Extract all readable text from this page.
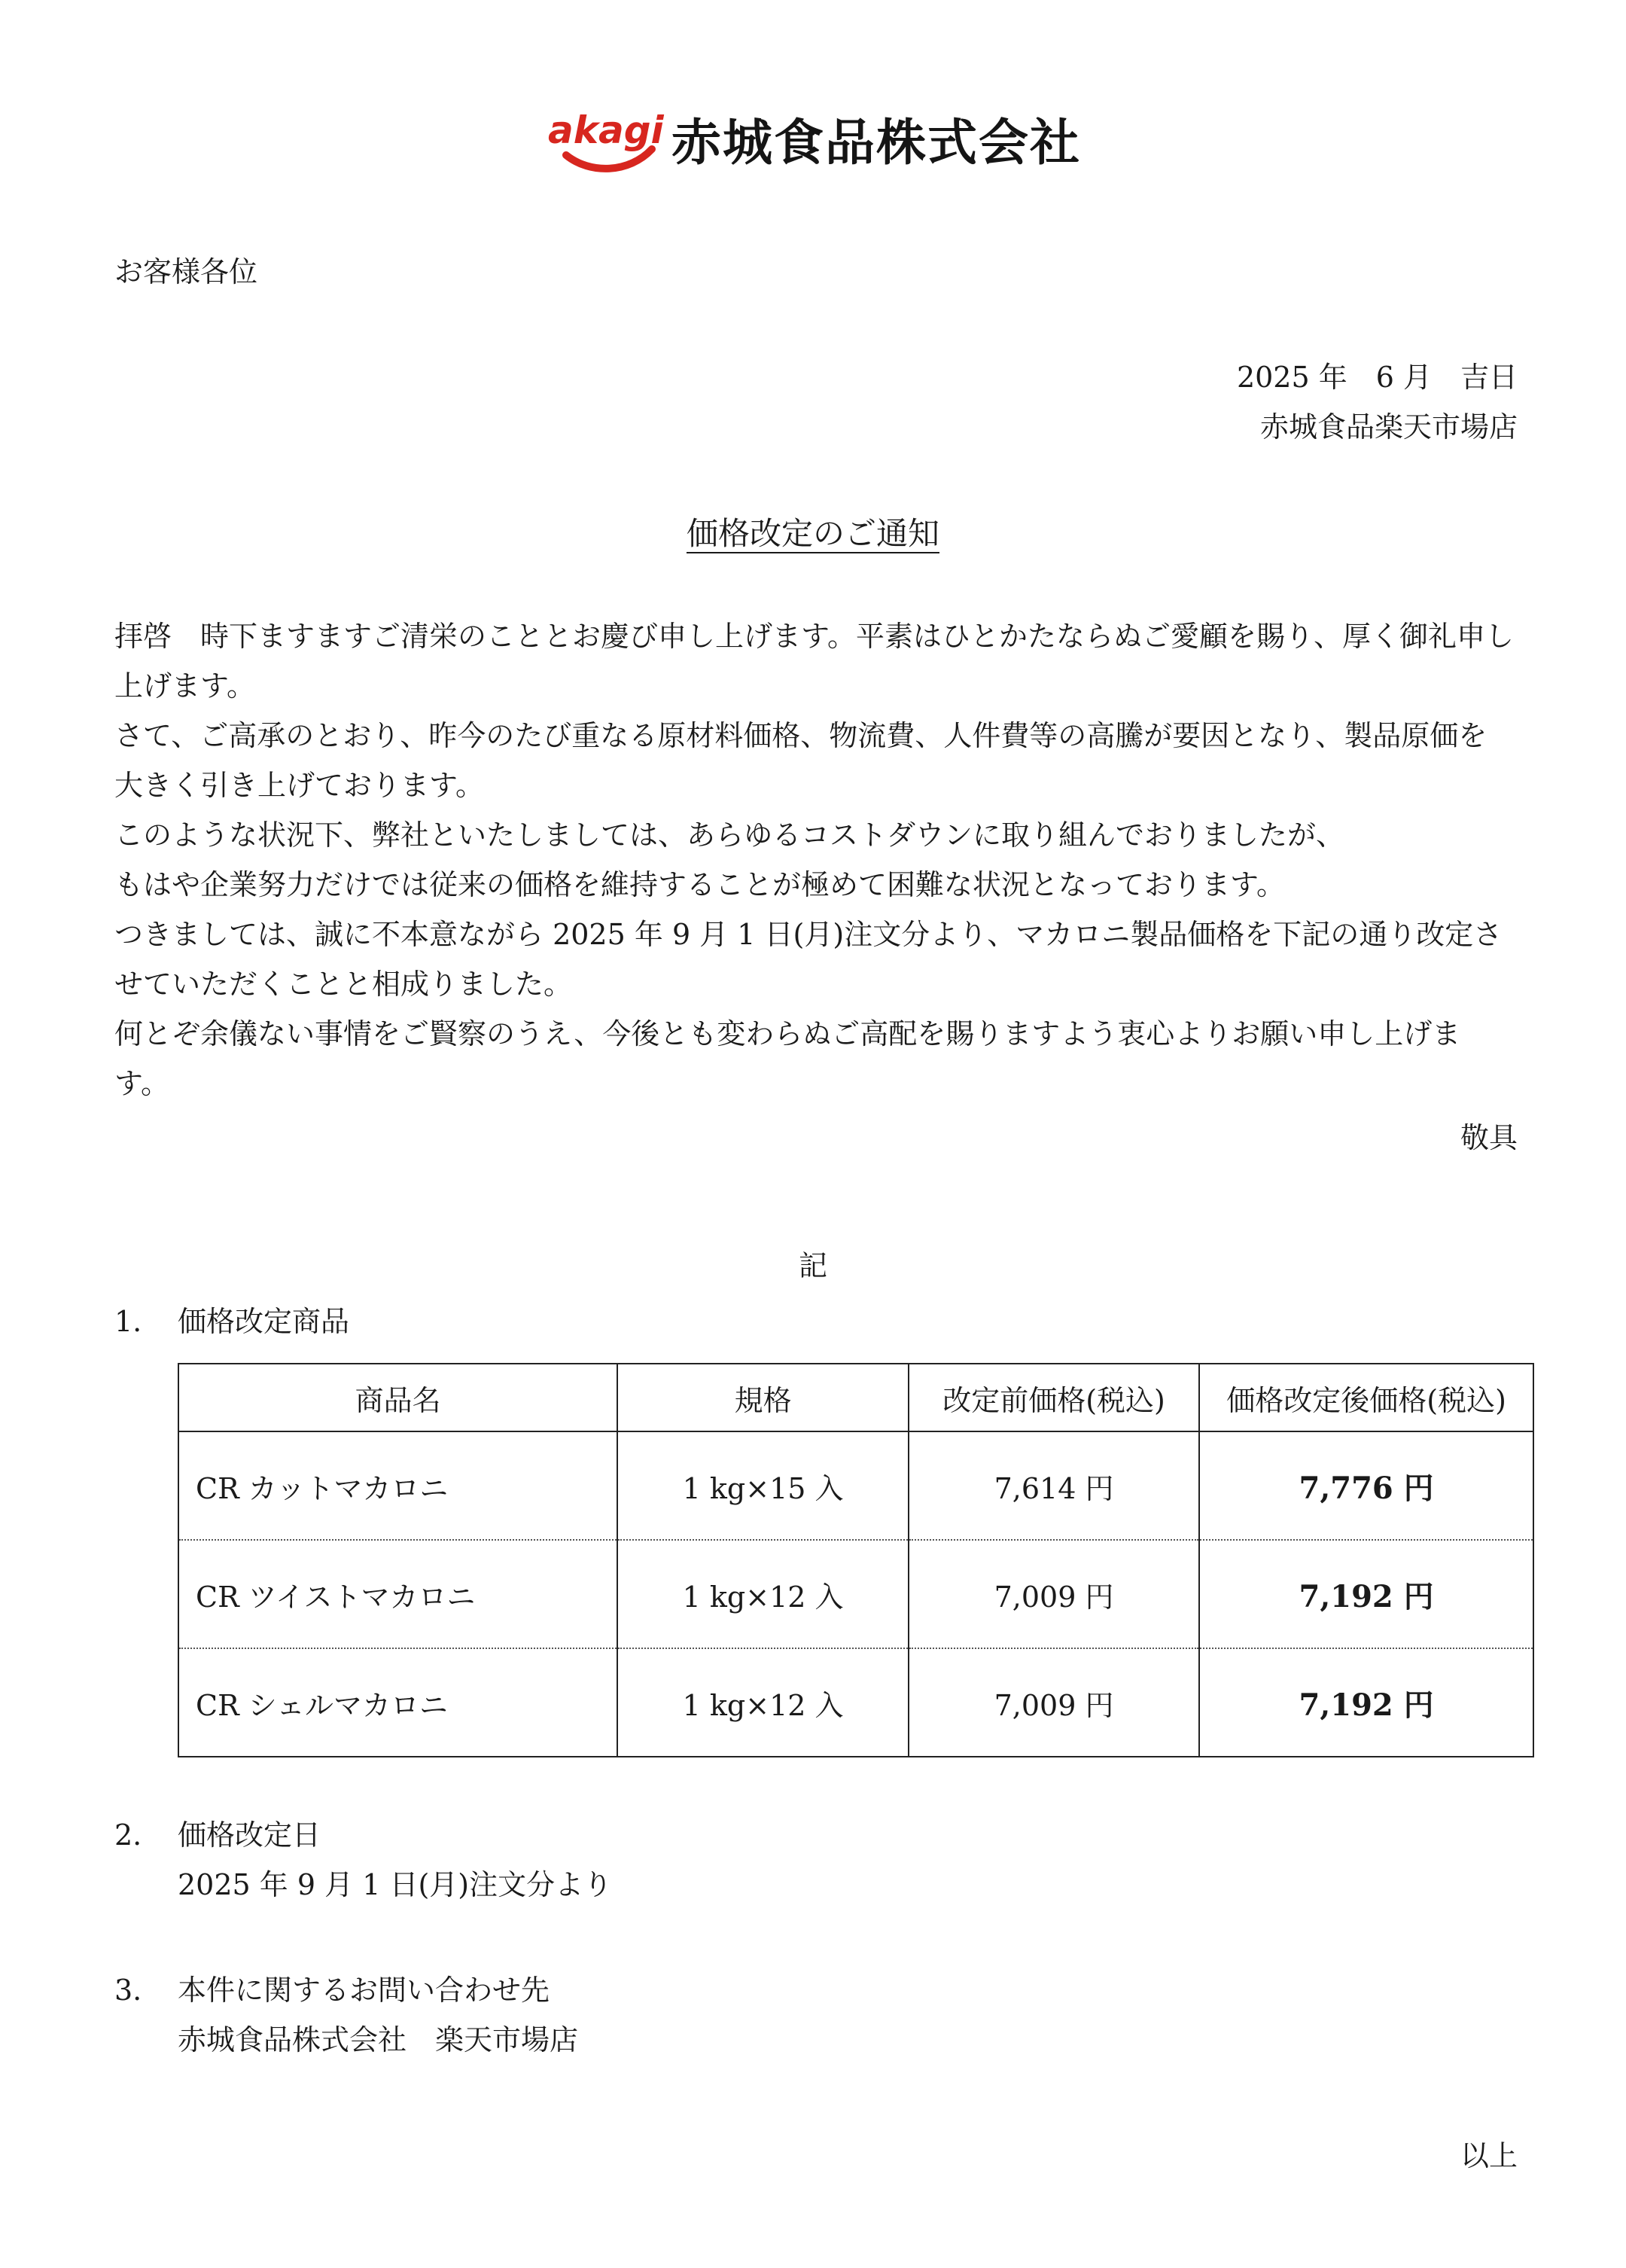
akagi 赤城食品株式会社
お客様各位
2025 年　6 月　吉日
赤城食品楽天市場店
価格改定のご通知
拝啓　時下ますますご清栄のこととお慶び申し上げます。平素はひとかたならぬご愛顧を賜り、厚く御礼申し上げます。
さて、ご高承のとおり、昨今のたび重なる原材料価格、物流費、人件費等の高騰が要因となり、製品原価を大きく引き上げております。
このような状況下、弊社といたしましては、あらゆるコストダウンに取り組んでおりましたが、
もはや企業努力だけでは従来の価格を維持することが極めて困難な状況となっております。
つきましては、誠に不本意ながら 2025 年 9 月 1 日(月)注文分より、マカロニ製品価格を下記の通り改定させていただくことと相成りました。
何とぞ余儀ない事情をご賢察のうえ、今後とも変わらぬご高配を賜りますよう衷心よりお願い申し上げます。
敬具
記
1. 価格改定商品
商品名	規格	改定前価格(税込)	価格改定後価格(税込)
CR カットマカロニ	1 kg×15 入	7,614 円	7,776 円
CR ツイストマカロニ	1 kg×12 入	7,009 円	7,192 円
CR シェルマカロニ	1 kg×12 入	7,009 円	7,192 円
2. 価格改定日
2025 年 9 月 1 日(月)注文分より
3. 本件に関するお問い合わせ先
赤城食品株式会社　楽天市場店
以上
